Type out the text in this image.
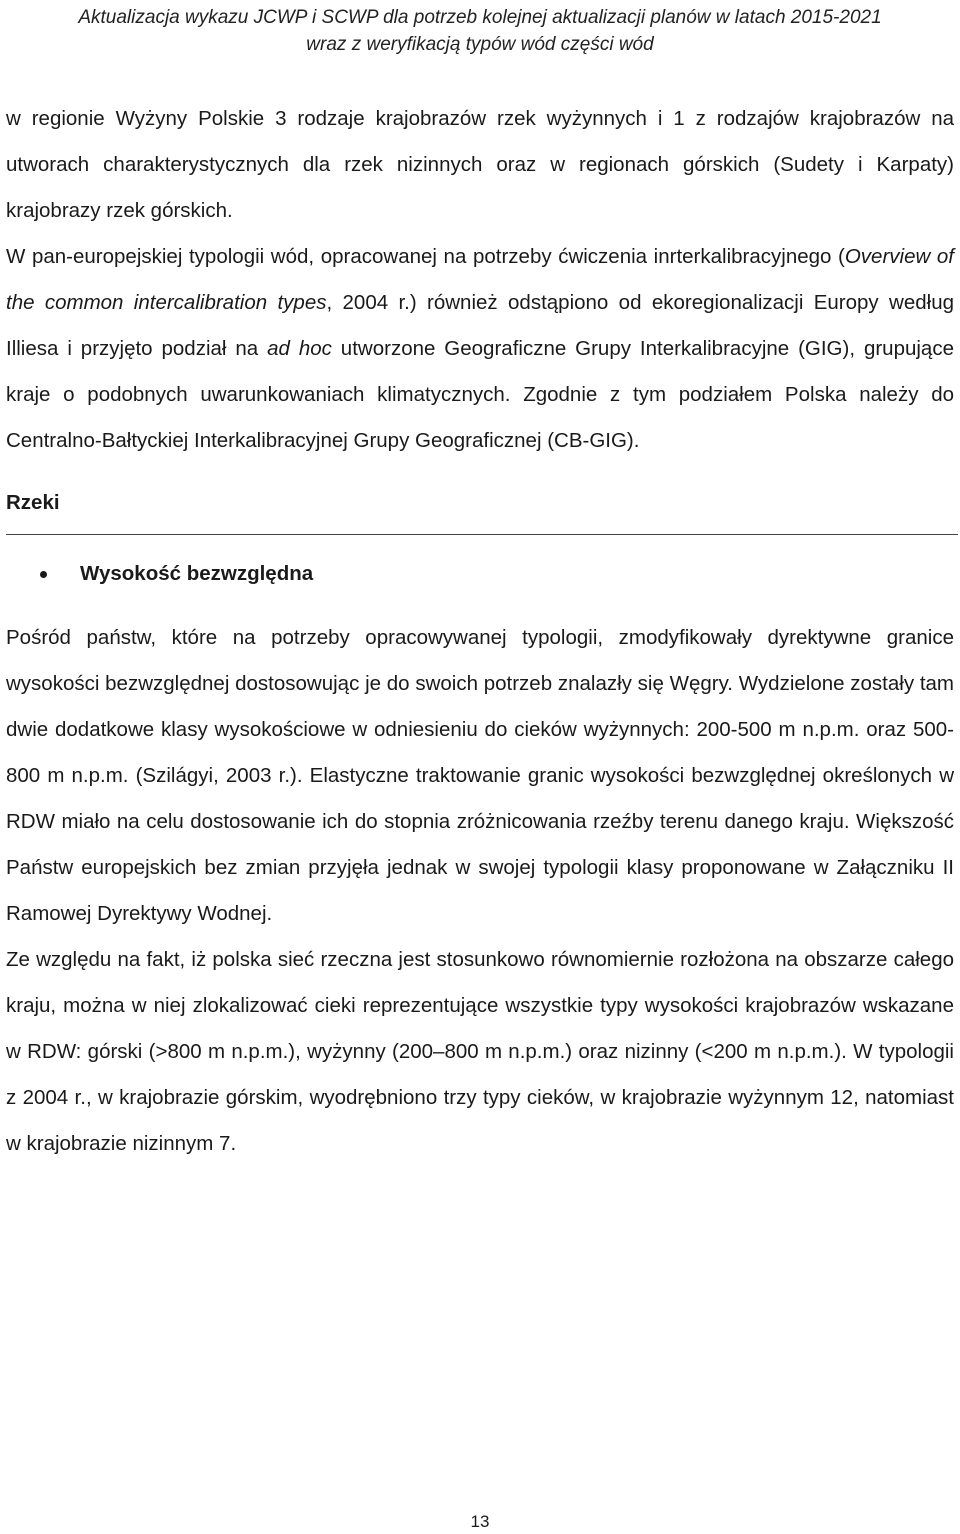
Aktualizacja wykazu JCWP i SCWP dla potrzeb kolejnej aktualizacji planów w latach 2015-2021
wraz z weryfikacją typów wód części wód

w regionie Wyżyny Polskie 3 rodzaje krajobrazów rzek wyżynnych i 1 z rodzajów krajobrazów na utworach charakterystycznych dla rzek nizinnych oraz w regionach górskich (Sudety i Karpaty) krajobrazy rzek górskich.

W pan-europejskiej typologii wód, opracowanej na potrzeby ćwiczenia inrterkalibracyjnego (Overview of the common intercalibration types, 2004 r.) również odstąpiono od ekoregionalizacji Europy według Illiesa i przyjęto podział na ad hoc utworzone Geograficzne Grupy Interkalibracyjne (GIG), grupujące kraje o podobnych uwarunkowaniach klimatycznych. Zgodnie z tym podziałem Polska należy do Centralno-Bałtyckiej Interkalibracyjnej Grupy Geograficznej (CB-GIG).

Rzeki
Wysokość bezwzględna

Pośród państw, które na potrzeby opracowywanej typologii, zmodyfikowały dyrektywne granice wysokości bezwzględnej dostosowując je do swoich potrzeb znalazły się Węgry. Wydzielone zostały tam dwie dodatkowe klasy wysokościowe w odniesieniu do cieków wyżynnych: 200-500 m n.p.m. oraz 500-800 m n.p.m. (Szilágyi, 2003 r.). Elastyczne traktowanie granic wysokości bezwzględnej określonych w RDW miało na celu dostosowanie ich do stopnia zróżnicowania rzeźby terenu danego kraju. Większość Państw europejskich bez zmian przyjęła jednak w swojej typologii klasy proponowane w Załączniku II Ramowej Dyrektywy Wodnej.

Ze względu na fakt, iż polska sieć rzeczna jest stosunkowo równomiernie rozłożona na obszarze całego kraju, można w niej zlokalizować cieki reprezentujące wszystkie typy wysokości krajobrazów wskazane w RDW: górski (>800 m n.p.m.), wyżynny (200–800 m n.p.m.) oraz nizinny (<200 m n.p.m.). W typologii z 2004 r., w krajobrazie górskim, wyodrębniono trzy typy cieków, w krajobrazie wyżynnym 12, natomiast w krajobrazie nizinnym 7.

13
